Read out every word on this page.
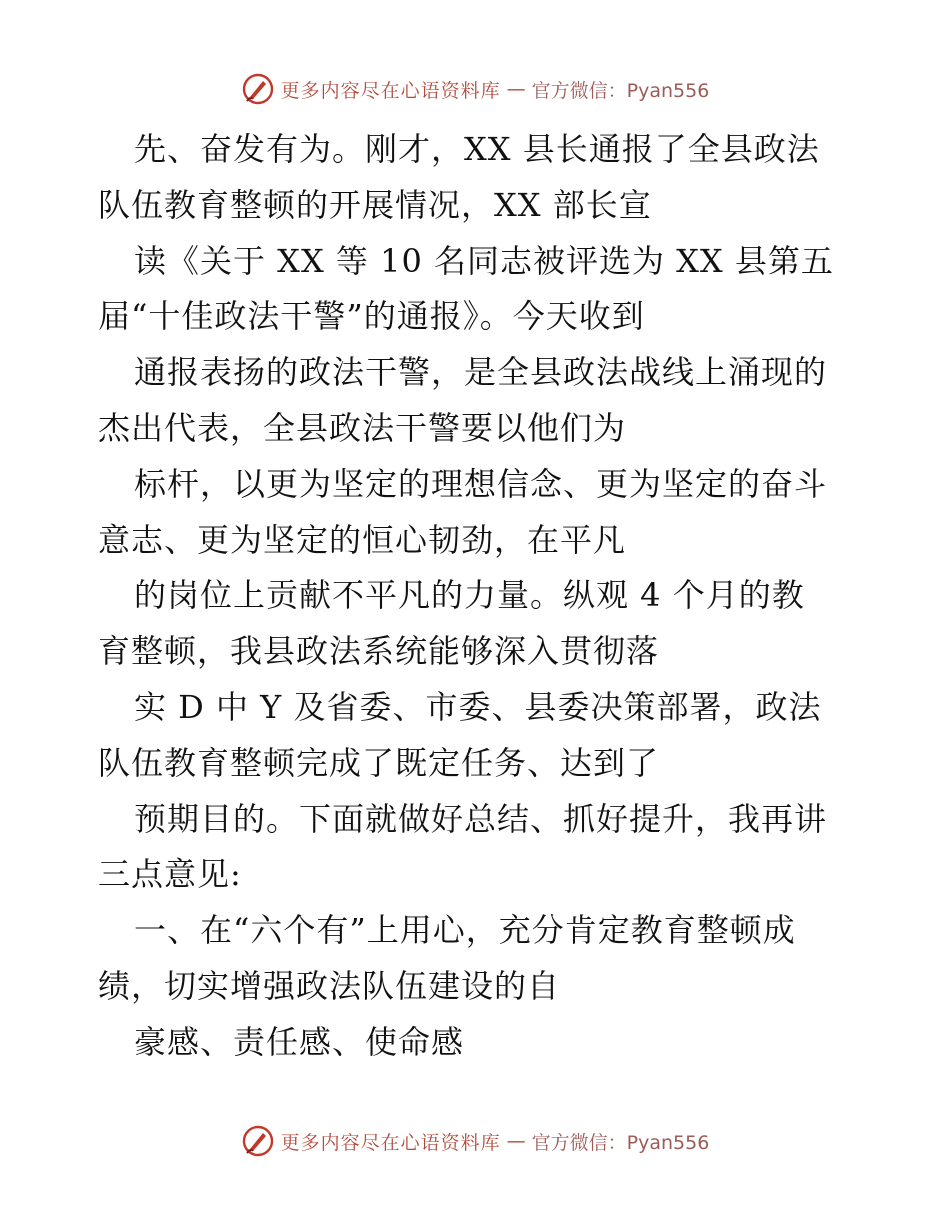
更多内容尽在心语资料库 — 官方微信：Pyan556
先、奋发有为。刚才，XX 县长通报了全县政法
队伍教育整顿的开展情况，XX 部长宣
读《关于 XX 等 10 名同志被评选为 XX 县第五
届“十佳政法干警”的通报》。今天收到
通报表扬的政法干警，是全县政法战线上涌现的
杰出代表，全县政法干警要以他们为
标杆，以更为坚定的理想信念、更为坚定的奋斗
意志、更为坚定的恒心韧劲，在平凡
的岗位上贡献不平凡的力量。纵观 4 个月的教
育整顿，我县政法系统能够深入贯彻落
实 D 中 Y 及省委、市委、县委决策部署，政法
队伍教育整顿完成了既定任务、达到了
预期目的。下面就做好总结、抓好提升，我再讲
三点意见:
一、在“六个有”上用心，充分肯定教育整顿成
绩，切实增强政法队伍建设的自
豪感、责任感、使命感
更多内容尽在心语资料库 — 官方微信：Pyan556
